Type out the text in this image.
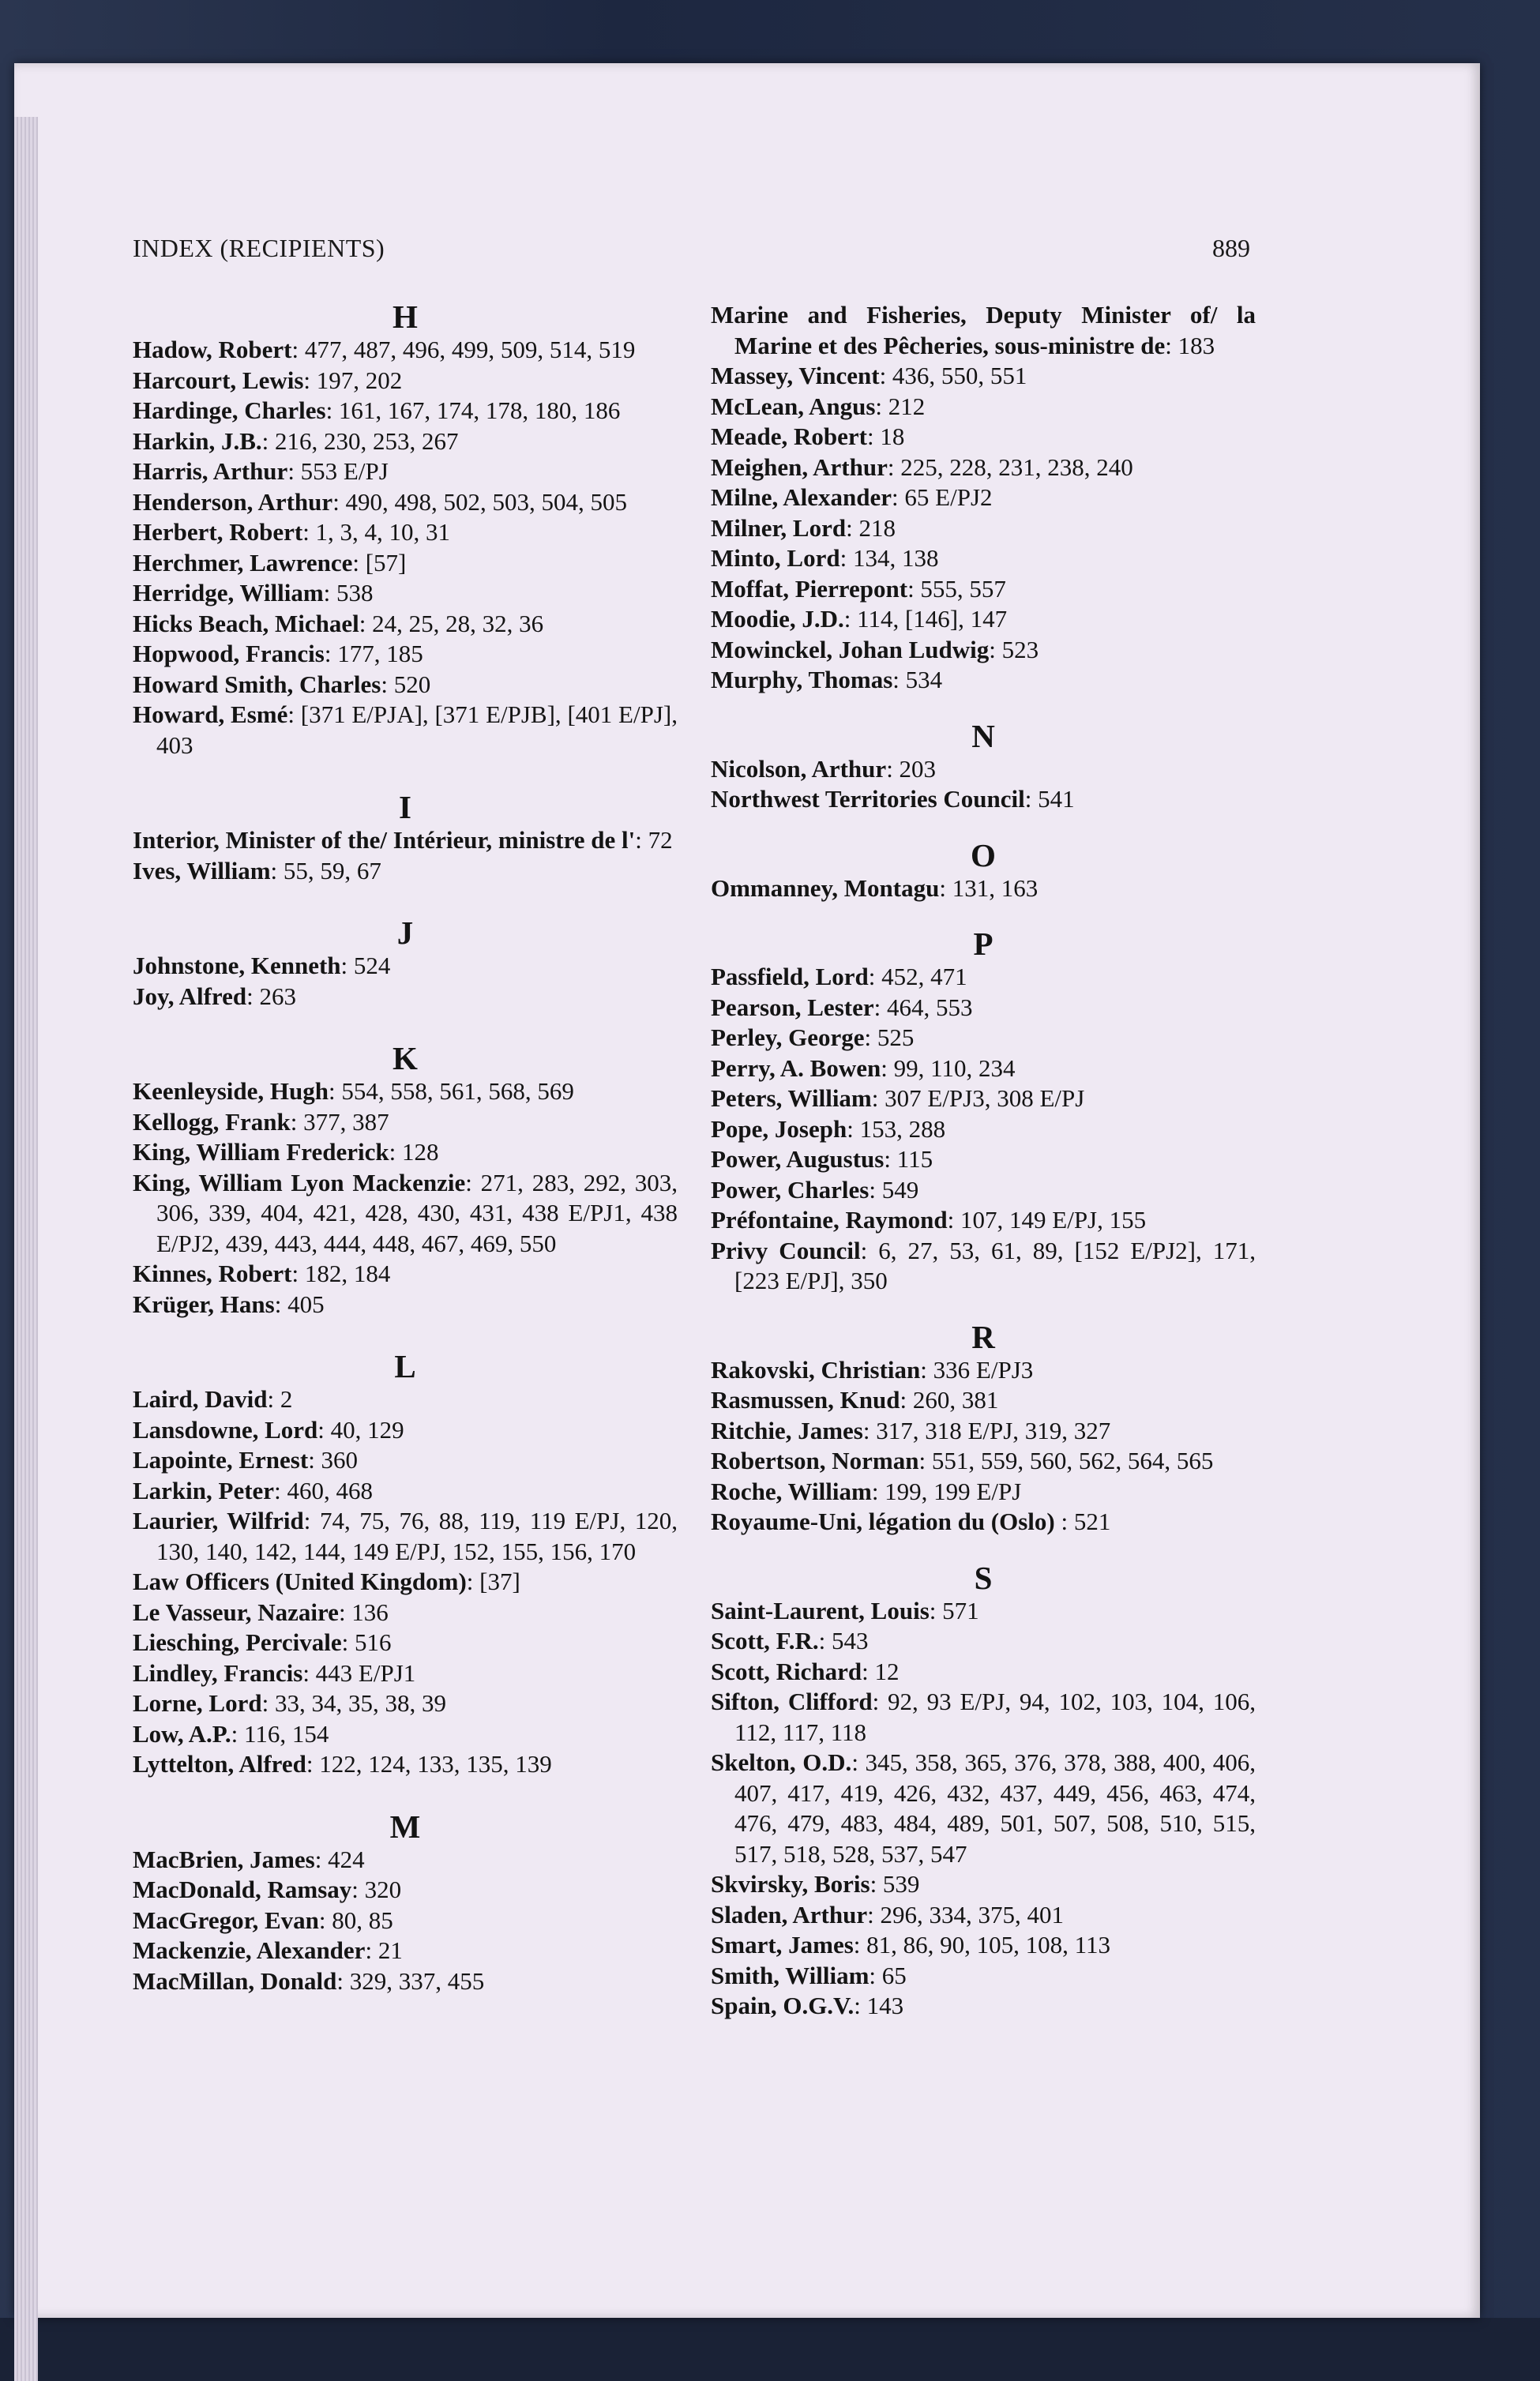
INDEX (RECIPIENTS)	889
H

Hadow, Robert: 477, 487, 496, 499, 509, 514, 519

Harcourt, Lewis: 197, 202

Hardinge, Charles: 161, 167, 174, 178, 180, 186

Harkin, J.B.: 216, 230, 253, 267

Harris, Arthur: 553 E/PJ

Henderson, Arthur: 490, 498, 502, 503, 504, 505

Herbert, Robert: 1, 3, 4, 10, 31

Herchmer, Lawrence: [57]

Herridge, William: 538

Hicks Beach, Michael: 24, 25, 28, 32, 36

Hopwood, Francis: 177, 185

Howard Smith, Charles: 520

Howard, Esmé: [371 E/PJA], [371 E/PJB], [401 E/PJ], 403

I

Interior, Minister of the/ Intérieur, ministre de l': 72

Ives, William: 55, 59, 67

J

Johnstone, Kenneth: 524

Joy, Alfred: 263

K

Keenleyside, Hugh: 554, 558, 561, 568, 569

Kellogg, Frank: 377, 387

King, William Frederick: 128

King, William Lyon Mackenzie: 271, 283, 292, 303, 306, 339, 404, 421, 428, 430, 431, 438 E/PJ1, 438 E/PJ2, 439, 443, 444, 448, 467, 469, 550

Kinnes, Robert: 182, 184

Krüger, Hans: 405

L

Laird, David: 2

Lansdowne, Lord: 40, 129

Lapointe, Ernest: 360

Larkin, Peter: 460, 468

Laurier, Wilfrid: 74, 75, 76, 88, 119, 119 E/PJ, 120, 130, 140, 142, 144, 149 E/PJ, 152, 155, 156, 170

Law Officers (United Kingdom): [37]

Le Vasseur, Nazaire: 136

Liesching, Percivale: 516

Lindley, Francis: 443 E/PJ1

Lorne, Lord: 33, 34, 35, 38, 39

Low, A.P.: 116, 154

Lyttelton, Alfred: 122, 124, 133, 135, 139

M

MacBrien, James: 424

MacDonald, Ramsay: 320

MacGregor, Evan: 80, 85

Mackenzie, Alexander: 21

MacMillan, Donald: 329, 337, 455

Marine and Fisheries, Deputy Minister of/ la Marine et des Pêcheries, sous-ministre de: 183

Massey, Vincent: 436, 550, 551

McLean, Angus: 212

Meade, Robert: 18

Meighen, Arthur: 225, 228, 231, 238, 240

Milne, Alexander: 65 E/PJ2

Milner, Lord: 218

Minto, Lord: 134, 138

Moffat, Pierrepont: 555, 557

Moodie, J.D.: 114, [146], 147

Mowinckel, Johan Ludwig: 523

Murphy, Thomas: 534

N

Nicolson, Arthur: 203

Northwest Territories Council: 541

O

Ommanney, Montagu: 131, 163

P

Passfield, Lord: 452, 471

Pearson, Lester: 464, 553

Perley, George: 525

Perry, A. Bowen: 99, 110, 234

Peters, William: 307 E/PJ3, 308 E/PJ

Pope, Joseph: 153, 288

Power, Augustus: 115

Power, Charles: 549

Préfontaine, Raymond: 107, 149 E/PJ, 155

Privy Council: 6, 27, 53, 61, 89, [152 E/PJ2], 171, [223 E/PJ], 350

R

Rakovski, Christian: 336 E/PJ3

Rasmussen, Knud: 260, 381

Ritchie, James: 317, 318 E/PJ, 319, 327

Robertson, Norman: 551, 559, 560, 562, 564, 565

Roche, William: 199, 199 E/PJ

Royaume-Uni, légation du (Oslo) : 521

S

Saint-Laurent, Louis: 571

Scott, F.R.: 543

Scott, Richard: 12

Sifton, Clifford: 92, 93 E/PJ, 94, 102, 103, 104, 106, 112, 117, 118

Skelton, O.D.: 345, 358, 365, 376, 378, 388, 400, 406, 407, 417, 419, 426, 432, 437, 449, 456, 463, 474, 476, 479, 483, 484, 489, 501, 507, 508, 510, 515, 517, 518, 528, 537, 547

Skvirsky, Boris: 539

Sladen, Arthur: 296, 334, 375, 401

Smart, James: 81, 86, 90, 105, 108, 113

Smith, William: 65

Spain, O.G.V.: 143
